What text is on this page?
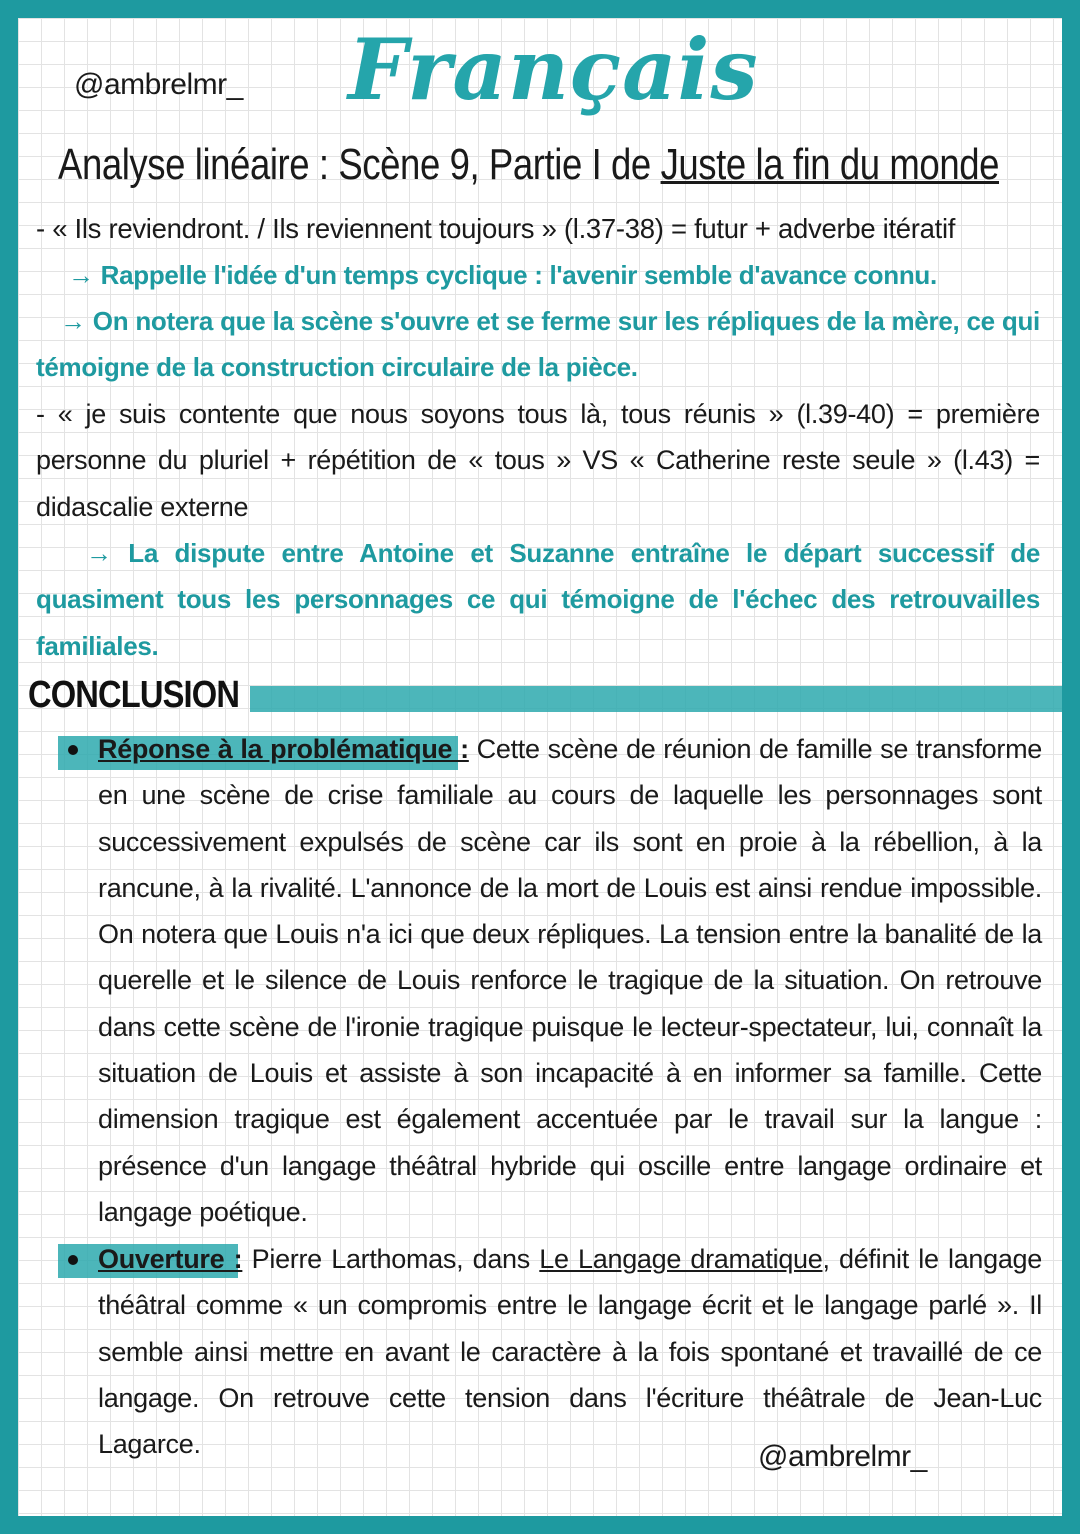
@ambrelmr_ Français
Analyse linéaire : Scène 9, Partie I de Juste la fin du monde
- « Ils reviendront. / Ils reviennent toujours » (l.37-38) = futur + adverbe itératif
→ Rappelle l'idée d'un temps cyclique : l'avenir semble d'avance connu.
→ On notera que la scène s'ouvre et se ferme sur les répliques de la mère, ce qui témoigne de la construction circulaire de la pièce.
- « je suis contente que nous soyons tous là, tous réunis » (l.39-40) = première personne du pluriel + répétition de « tous » VS « Catherine reste seule » (l.43) = didascalie externe
→ La dispute entre Antoine et Suzanne entraîne le départ successif de quasiment tous les personnages ce qui témoigne de l'échec des retrouvailles familiales.
CONCLUSION
Réponse à la problématique : Cette scène de réunion de famille se transforme en une scène de crise familiale au cours de laquelle les personnages sont successivement expulsés de scène car ils sont en proie à la rébellion, à la rancune, à la rivalité. L'annonce de la mort de Louis est ainsi rendue impossible. On notera que Louis n'a ici que deux répliques. La tension entre la banalité de la querelle et le silence de Louis renforce le tragique de la situation. On retrouve dans cette scène de l'ironie tragique puisque le lecteur-spectateur, lui, connaît la situation de Louis et assiste à son incapacité à en informer sa famille. Cette dimension tragique est également accentuée par le travail sur la langue : présence d'un langage théâtral hybride qui oscille entre langage ordinaire et langage poétique.
Ouverture : Pierre Larthomas, dans Le Langage dramatique, définit le langage théâtral comme « un compromis entre le langage écrit et le langage parlé ». Il semble ainsi mettre en avant le caractère à la fois spontané et travaillé de ce langage. On retrouve cette tension dans l'écriture théâtrale de Jean-Luc Lagarce.	@ambrelmr_
